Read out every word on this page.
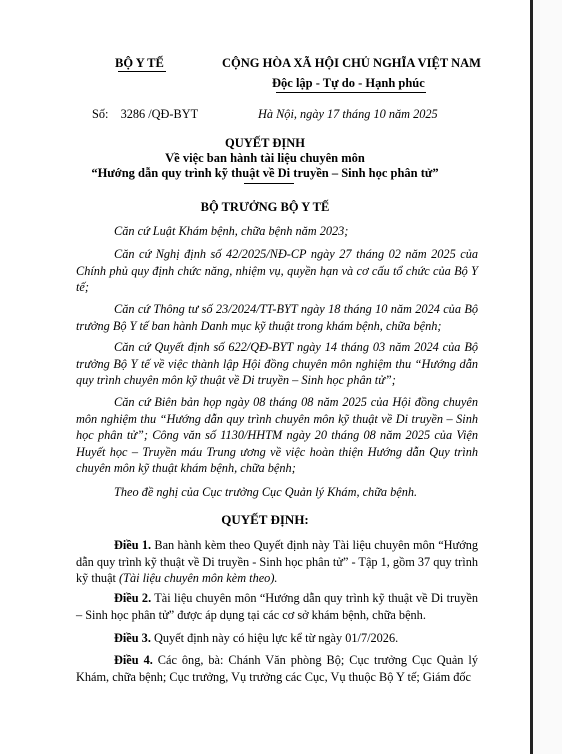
BỘ Y TẾ	CỘNG HÒA XÃ HỘI CHỦ NGHĨA VIỆT NAM
Độc lập - Tự do - Hạnh phúc
Số: 3286 /QĐ-BYT	Hà Nội, ngày 17 tháng 10 năm 2025
QUYẾT ĐỊNH
Về việc ban hành tài liệu chuyên môn
“Hướng dẫn quy trình kỹ thuật về Di truyền – Sinh học phân tử”
BỘ TRƯỞNG BỘ Y TẾ
Căn cứ Luật Khám bệnh, chữa bệnh năm 2023;
Căn cứ Nghị định số 42/2025/NĐ-CP ngày 27 tháng 02 năm 2025 của Chính phủ quy định chức năng, nhiệm vụ, quyền hạn và cơ cấu tổ chức của Bộ Y tế;
Căn cứ Thông tư số 23/2024/TT-BYT ngày 18 tháng 10 năm 2024 của Bộ trưởng Bộ Y tế ban hành Danh mục kỹ thuật trong khám bệnh, chữa bệnh;
Căn cứ Quyết định số 622/QĐ-BYT ngày 14 tháng 03 năm 2024 của Bộ trưởng Bộ Y tế về việc thành lập Hội đồng chuyên môn nghiệm thu “Hướng dẫn quy trình chuyên môn kỹ thuật về Di truyền – Sinh học phân tử”;
Căn cứ Biên bản họp ngày 08 tháng 08 năm 2025 của Hội đồng chuyên môn nghiệm thu “Hướng dẫn quy trình chuyên môn kỹ thuật về Di truyền – Sinh học phân tử”; Công văn số 1130/HHTM ngày 20 tháng 08 năm 2025 của Viện Huyết học – Truyền máu Trung ương về việc hoàn thiện Hướng dẫn Quy trình chuyên môn kỹ thuật khám bệnh, chữa bệnh;
Theo đề nghị của Cục trưởng Cục Quản lý Khám, chữa bệnh.
QUYẾT ĐỊNH:
Điều 1. Ban hành kèm theo Quyết định này Tài liệu chuyên môn “Hướng dẫn quy trình kỹ thuật về Di truyền - Sinh học phân tử” - Tập 1, gồm 37 quy trình kỹ thuật (Tài liệu chuyên môn kèm theo).
Điều 2. Tài liệu chuyên môn “Hướng dẫn quy trình kỹ thuật về Di truyền – Sinh học phân tử” được áp dụng tại các cơ sở khám bệnh, chữa bệnh.
Điều 3. Quyết định này có hiệu lực kể từ ngày 01/7/2026.
Điều 4. Các ông, bà: Chánh Văn phòng Bộ; Cục trưởng Cục Quản lý Khám, chữa bệnh; Cục trưởng, Vụ trưởng các Cục, Vụ thuộc Bộ Y tế; Giám đốc
